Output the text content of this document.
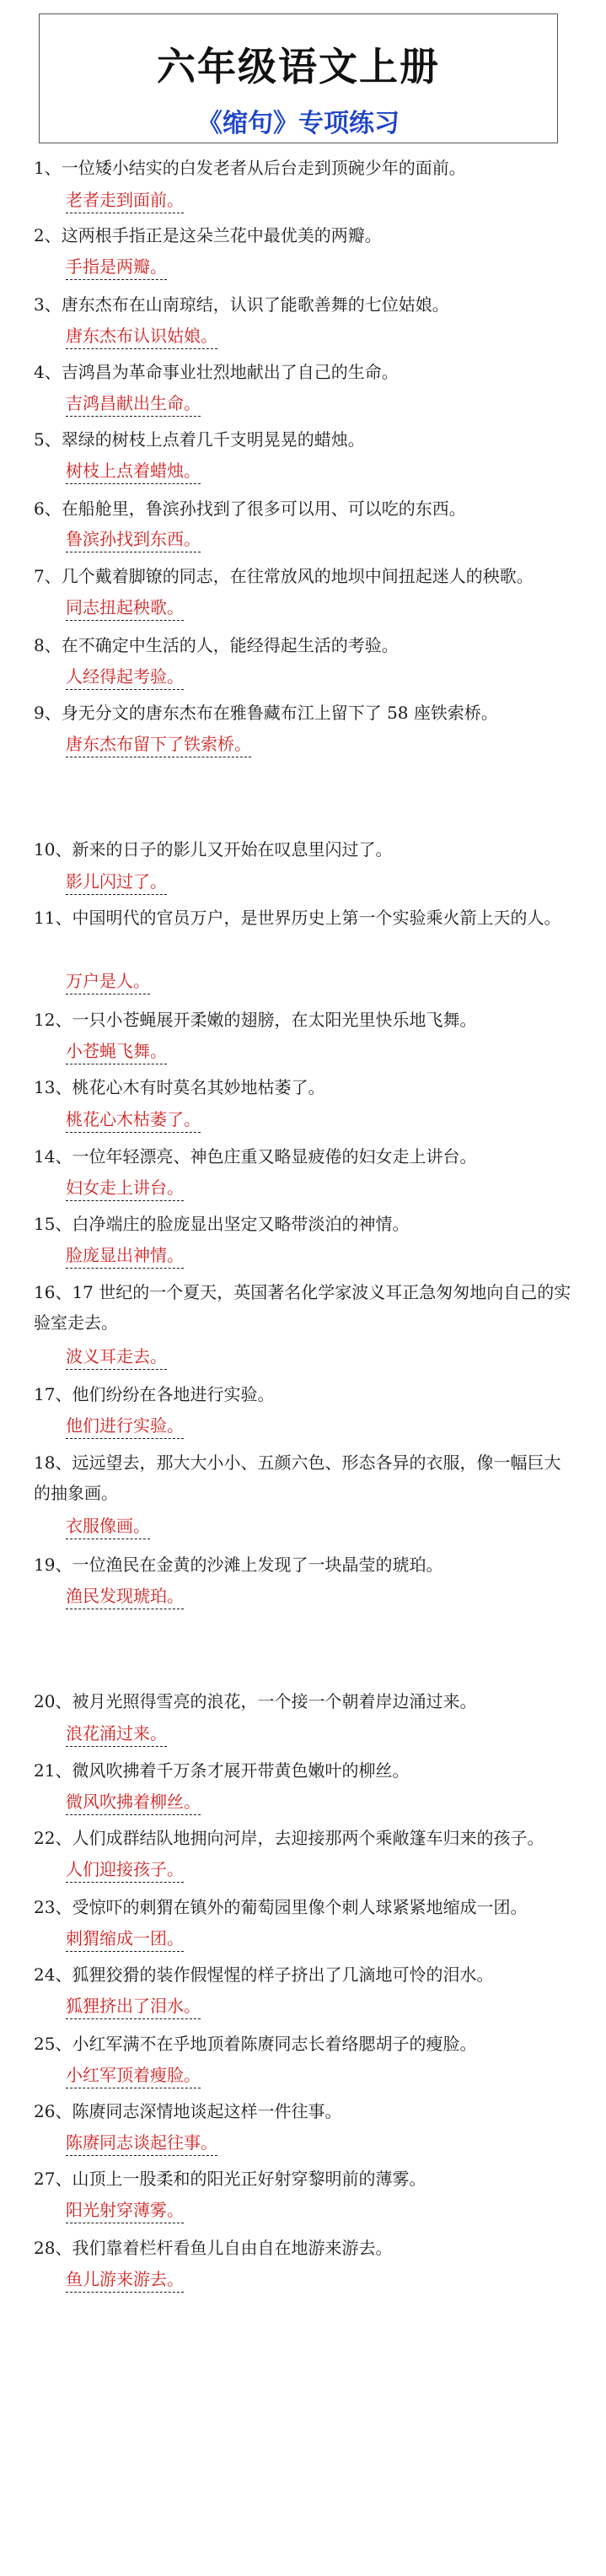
六年级语文上册
《缩句》专项练习
1、一位矮小结实的白发老者从后台走到顶碗少年的面前。
老者走到面前。
2、这两根手指正是这朵兰花中最优美的两瓣。
手指是两瓣。
3、唐东杰布在山南琼结，认识了能歌善舞的七位姑娘。
唐东杰布认识姑娘。
4、吉鸿昌为革命事业壮烈地献出了自己的生命。
吉鸿昌献出生命。
5、翠绿的树枝上点着几千支明晃晃的蜡烛。
树枝上点着蜡烛。
6、在船舱里，鲁滨孙找到了很多可以用、可以吃的东西。
鲁滨孙找到东西。
7、几个戴着脚镣的同志，在往常放风的地坝中间扭起迷人的秧歌。
同志扭起秧歌。
8、在不确定中生活的人，能经得起生活的考验。
人经得起考验。
9、身无分文的唐东杰布在雅鲁藏布江上留下了 58 座铁索桥。
唐东杰布留下了铁索桥。
10、新来的日子的影儿又开始在叹息里闪过了。
影儿闪过了。
11、中国明代的官员万户，是世界历史上第一个实验乘火箭上天的人。
万户是人。
12、一只小苍蝇展开柔嫩的翅膀，在太阳光里快乐地飞舞。
小苍蝇飞舞。
13、桃花心木有时莫名其妙地枯萎了。
桃花心木枯萎了。
14、一位年轻漂亮、神色庄重又略显疲倦的妇女走上讲台。
妇女走上讲台。
15、白净端庄的脸庞显出坚定又略带淡泊的神情。
脸庞显出神情。
16、17 世纪的一个夏天，英国著名化学家波义耳正急匆匆地向自己的实验室走去。
波义耳走去。
17、他们纷纷在各地进行实验。
他们进行实验。
18、远远望去，那大大小小、五颜六色、形态各异的衣服，像一幅巨大的抽象画。
衣服像画。
19、一位渔民在金黄的沙滩上发现了一块晶莹的琥珀。
渔民发现琥珀。
20、被月光照得雪亮的浪花，一个接一个朝着岸边涌过来。
浪花涌过来。
21、微风吹拂着千万条才展开带黄色嫩叶的柳丝。
微风吹拂着柳丝。
22、人们成群结队地拥向河岸，去迎接那两个乘敞篷车归来的孩子。
人们迎接孩子。
23、受惊吓的刺猬在镇外的葡萄园里像个刺人球紧紧地缩成一团。
刺猬缩成一团。
24、狐狸狡猾的装作假惺惺的样子挤出了几滴地可怜的泪水。
狐狸挤出了泪水。
25、小红军满不在乎地顶着陈赓同志长着络腮胡子的瘦脸。
小红军顶着瘦脸。
26、陈赓同志深情地谈起这样一件往事。
陈赓同志谈起往事。
27、山顶上一股柔和的阳光正好射穿黎明前的薄雾。
阳光射穿薄雾。
28、我们靠着栏杆看鱼儿自由自在地游来游去。
鱼儿游来游去。
